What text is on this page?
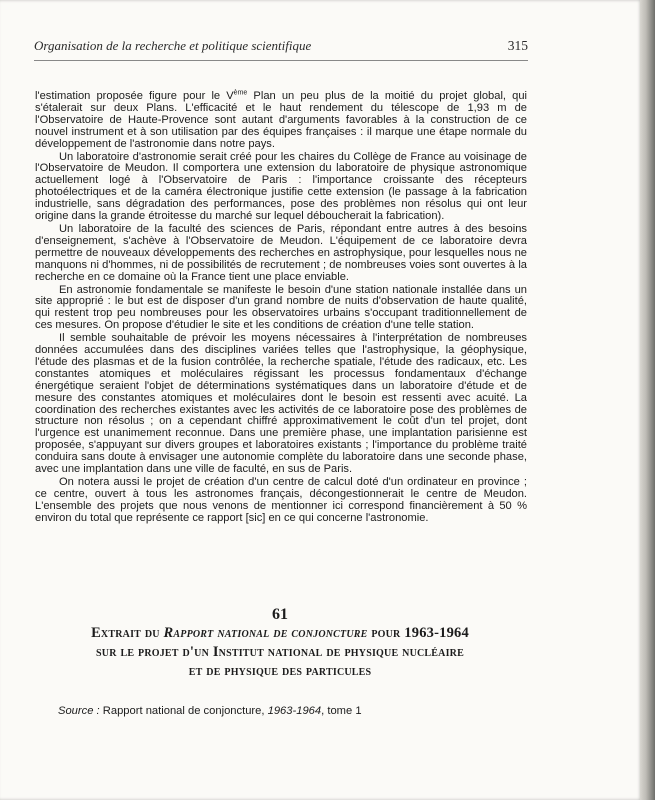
Organisation de la recherche et politique scientifique	315

l'estimation proposée figure pour le Vème Plan un peu plus de la moitié du projet global, qui s'étalerait sur deux Plans. L'efficacité et le haut rendement du télescope de 1,93 m de l'Observatoire de Haute-Provence sont autant d'arguments favorables à la construction de ce nouvel instrument et à son utilisation par des équipes françaises : il marque une étape normale du développement de l'astronomie dans notre pays.

Un laboratoire d'astronomie serait créé pour les chaires du Collège de France au voisinage de l'Observatoire de Meudon. Il comportera une extension du laboratoire de physique astronomique actuellement logé à l'Observatoire de Paris : l'importance croissante des récepteurs photoélectriques et de la caméra électronique justifie cette extension (le passage à la fabrication industrielle, sans dégradation des performances, pose des problèmes non résolus qui ont leur origine dans la grande étroitesse du marché sur lequel déboucherait la fabrication).

Un laboratoire de la faculté des sciences de Paris, répondant entre autres à des besoins d'enseignement, s'achève à l'Observatoire de Meudon. L'équipement de ce laboratoire devra permettre de nouveaux développements des recherches en astrophysique, pour lesquelles nous ne manquons ni d'hommes, ni de possibilités de recrutement ; de nombreuses voies sont ouvertes à la recherche en ce domaine où la France tient une place enviable.

En astronomie fondamentale se manifeste le besoin d'une station nationale installée dans un site approprié : le but est de disposer d'un grand nombre de nuits d'observation de haute qualité, qui restent trop peu nombreuses pour les observatoires urbains s'occupant traditionnellement de ces mesures. On propose d'étudier le site et les conditions de création d'une telle station.

Il semble souhaitable de prévoir les moyens nécessaires à l'interprétation de nombreuses données accumulées dans des disciplines variées telles que l'astrophysique, la géophysique, l'étude des plasmas et de la fusion contrôlée, la recherche spatiale, l'étude des radicaux, etc. Les constantes atomiques et moléculaires régissant les processus fondamentaux d'échange énergétique seraient l'objet de déterminations systématiques dans un laboratoire d'étude et de mesure des constantes atomiques et moléculaires dont le besoin est ressenti avec acuité. La coordination des recherches existantes avec les activités de ce laboratoire pose des problèmes de structure non résolus ; on a cependant chiffré approximativement le coût d'un tel projet, dont l'urgence est unanimement reconnue. Dans une première phase, une implantation parisienne est proposée, s'appuyant sur divers groupes et laboratoires existants ; l'importance du problème traité conduira sans doute à envisager une autonomie complète du laboratoire dans une seconde phase, avec une implantation dans une ville de faculté, en sus de Paris.

On notera aussi le projet de création d'un centre de calcul doté d'un ordinateur en province ; ce centre, ouvert à tous les astronomes français, décongestionnerait le centre de Meudon. L'ensemble des projets que nous venons de mentionner ici correspond financièrement à 50 % environ du total que représente ce rapport [sic] en ce qui concerne l'astronomie.

61
Extrait du Rapport national de conjoncture pour 1963-1964
sur le projet d'un Institut national de physique nucléaire
et de physique des particules
Source : Rapport national de conjoncture, 1963-1964, tome 1
